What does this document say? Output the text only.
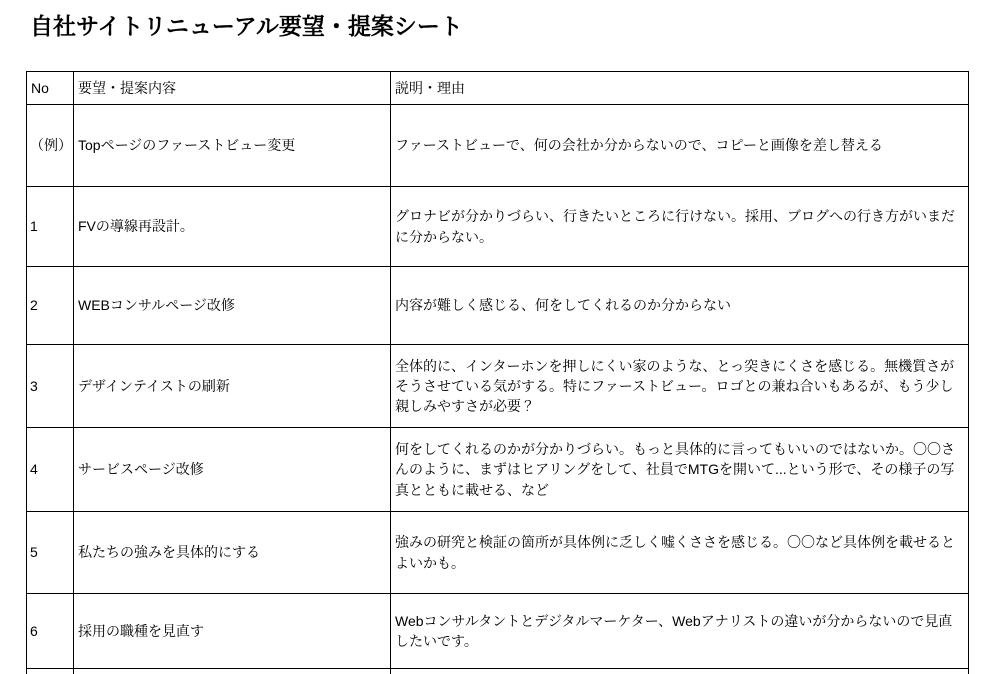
自社サイトリニューアル要望・提案シート
No	要望・提案内容	説明・理由
（例）	Topページのファーストビュー変更	ファーストビューで、何の会社か分からないので、コピーと画像を差し替える
1	FVの導線再設計。	グロナビが分かりづらい、行きたいところに行けない。採用、ブログへの行き方がいまだに分からない。
2	WEBコンサルページ改修	内容が難しく感じる、何をしてくれるのか分からない
3	デザインテイストの刷新	全体的に、インターホンを押しにくい家のような、とっ突きにくさを感じる。無機質さがそうさせている気がする。特にファーストビュー。ロゴとの兼ね合いもあるが、もう少し親しみやすさが必要？
4	サービスページ改修	何をしてくれるのかが分かりづらい。もっと具体的に言ってもいいのではないか。〇〇さんのように、まずはヒアリングをして、社員でMTGを開いて...という形で、その様子の写真とともに載せる、など
5	私たちの強みを具体的にする	強みの研究と検証の箇所が具体例に乏しく嘘くささを感じる。〇〇など具体例を載せるとよいかも。
6	採用の職種を見直す	Webコンサルタントとデジタルマーケター、Webアナリストの違いが分からないので見直したいです。
